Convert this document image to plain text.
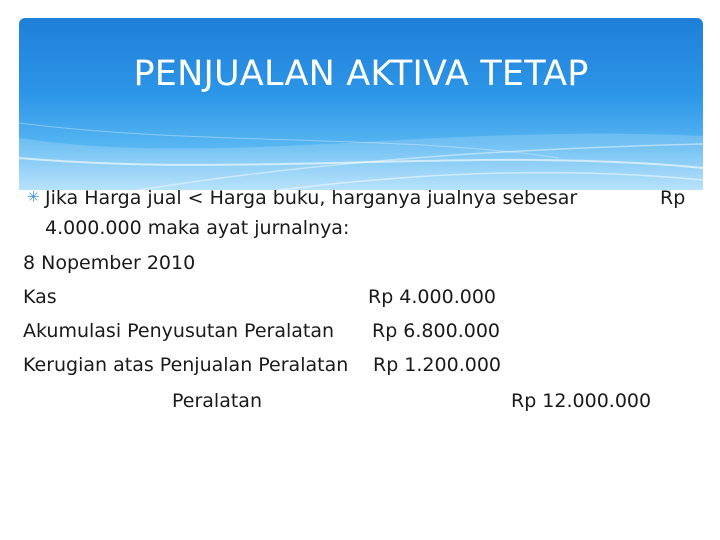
PENJUALAN AKTIVA TETAP
✳ Jika Harga jual < Harga buku, harganya jualnya sebesar	Rp
4.000.000 maka ayat jurnalnya:
8 Nopember 2010
Kas	Rp 4.000.000
Akumulasi Penyusutan Peralatan Rp 6.800.000
Kerugian atas Penjualan Peralatan Rp 1.200.000
Peralatan	Rp 12.000.000
